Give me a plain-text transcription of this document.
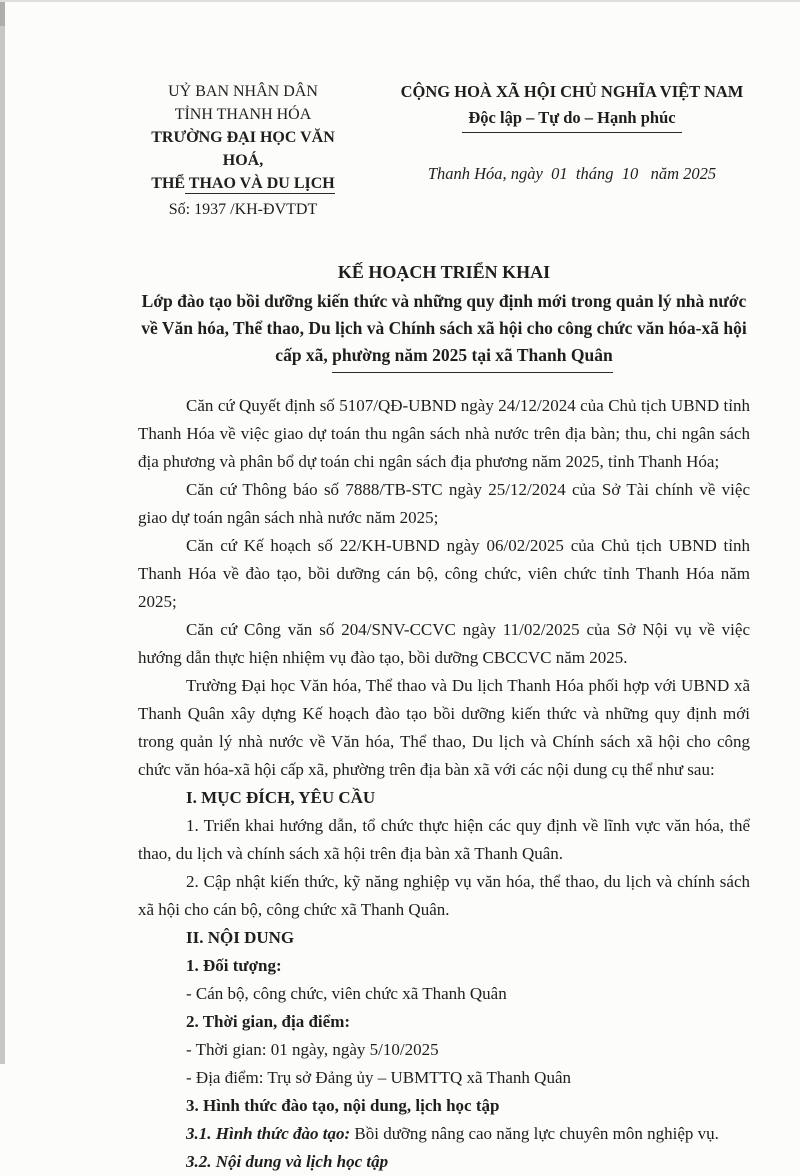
UỶ BAN NHÂN DÂN
TỈNH THANH HÓA
TRƯỜNG ĐẠI HỌC VĂN HOÁ,
THỂ THAO VÀ DU LỊCH
Số: 1937 /KH-ĐVTDT
CỘNG HOÀ XÃ HỘI CHỦ NGHĨA VIỆT NAM
Độc lập – Tự do – Hạnh phúc
Thanh Hóa, ngày  01  tháng  10   năm 2025
KẾ HOẠCH TRIỂN KHAI
Lớp đào tạo bồi dưỡng kiến thức và những quy định mới trong quản lý nhà nước
về Văn hóa, Thể thao, Du lịch và Chính sách xã hội cho công chức văn hóa-xã hội
cấp xã, phường năm 2025 tại xã Thanh Quân
Căn cứ Quyết định số 5107/QĐ-UBND ngày 24/12/2024 của Chủ tịch UBND tỉnh Thanh Hóa về việc giao dự toán thu ngân sách nhà nước trên địa bàn; thu, chi ngân sách địa phương và phân bổ dự toán chi ngân sách địa phương năm 2025, tỉnh Thanh Hóa;
Căn cứ Thông báo số 7888/TB-STC ngày 25/12/2024 của Sở Tài chính về việc giao dự toán ngân sách nhà nước năm 2025;
Căn cứ Kế hoạch số 22/KH-UBND ngày 06/02/2025 của Chủ tịch UBND tỉnh Thanh Hóa về đào tạo, bồi dưỡng cán bộ, công chức, viên chức tỉnh Thanh Hóa năm 2025;
Căn cứ Công văn số 204/SNV-CCVC ngày 11/02/2025 của Sở Nội vụ về việc hướng dẫn thực hiện nhiệm vụ đào tạo, bồi dưỡng CBCCVC năm 2025.
Trường Đại học Văn hóa, Thể thao và Du lịch Thanh Hóa phối hợp với UBND xã Thanh Quân xây dựng Kế hoạch đào tạo bồi dưỡng kiến thức và những quy định mới trong quản lý nhà nước về Văn hóa, Thể thao, Du lịch và Chính sách xã hội cho công chức văn hóa-xã hội cấp xã, phường trên địa bàn xã với các nội dung cụ thể như sau:
I. MỤC ĐÍCH, YÊU CẦU
1. Triển khai hướng dẫn, tổ chức thực hiện các quy định về lĩnh vực văn hóa, thể thao, du lịch và chính sách xã hội trên địa bàn xã Thanh Quân.
2. Cập nhật kiến thức, kỹ năng nghiệp vụ văn hóa, thể thao, du lịch và chính sách xã hội cho cán bộ, công chức xã Thanh Quân.
II. NỘI DUNG
1. Đối tượng:
- Cán bộ, công chức, viên chức xã Thanh Quân
2. Thời gian, địa điểm:
- Thời gian: 01 ngày, ngày 5/10/2025
- Địa điểm: Trụ sở Đảng ủy – UBMTTQ xã Thanh Quân
3. Hình thức đào tạo, nội dung, lịch học tập
3.1. Hình thức đào tạo: Bồi dưỡng nâng cao năng lực chuyên môn nghiệp vụ.
3.2. Nội dung và lịch học tập
